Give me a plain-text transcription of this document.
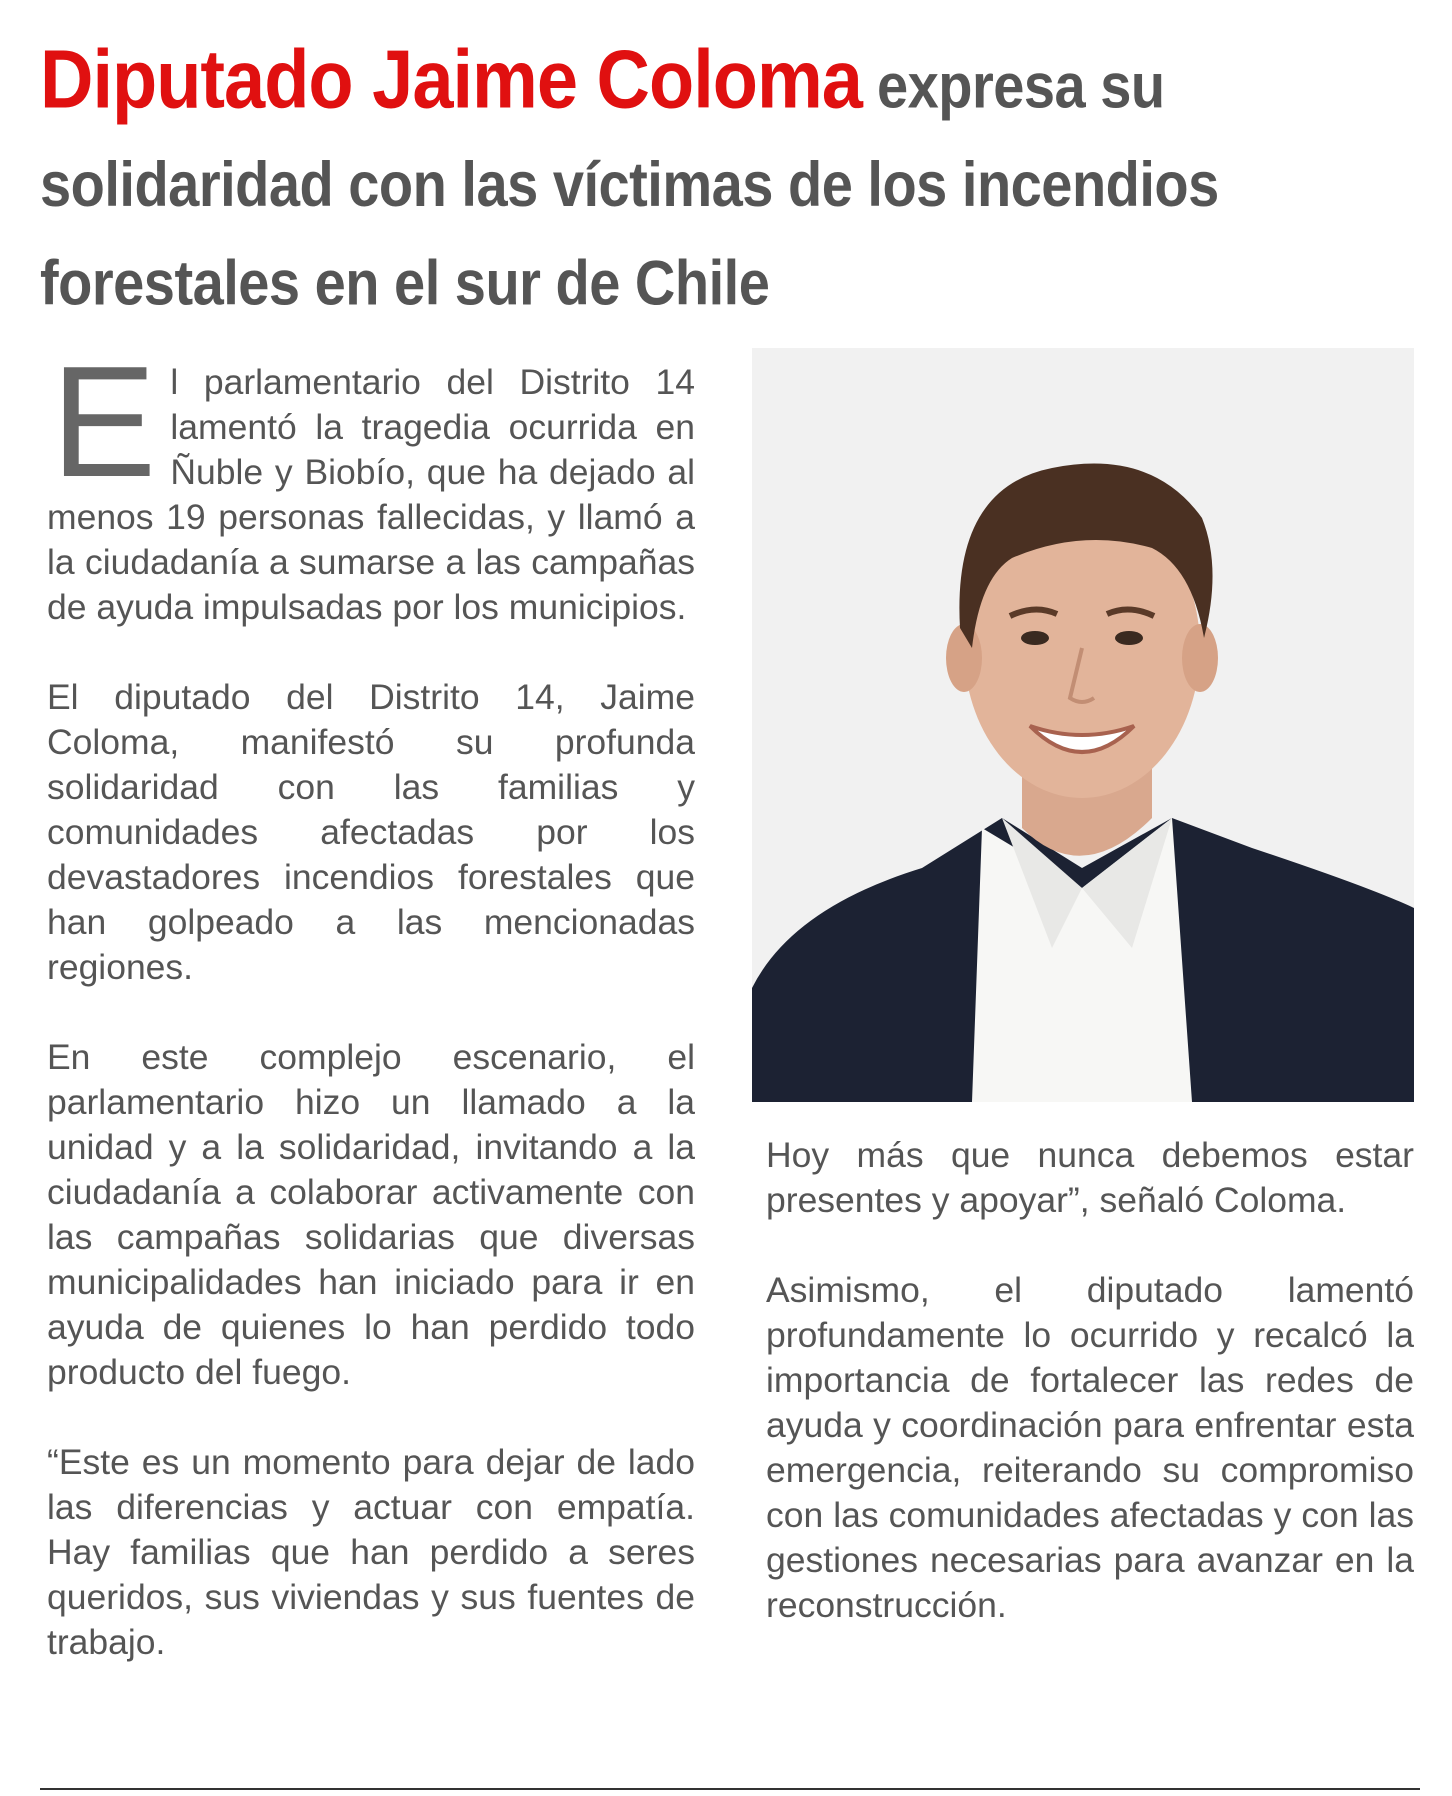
Diputado Jaime Coloma expresa su solidaridad con las víctimas de los incendios forestales en el sur de Chile

El parlamentario del Distrito 14 lamentó la tragedia ocurrida en Ñuble y Biobío, que ha dejado al menos 19 personas fallecidas, y llamó a la ciudadanía a sumarse a las campañas de ayuda impulsadas por los municipios.

El diputado del Distrito 14, Jaime Coloma, manifestó su profunda solidaridad con las familias y comunidades afectadas por los devastadores incendios forestales que han golpeado a las mencionadas regiones.

En este complejo escenario, el parlamentario hizo un llamado a la unidad y a la solidaridad, invitando a la ciudadanía a colaborar activamente con las campañas solidarias que diversas municipalidades han iniciado para ir en ayuda de quienes lo han perdido todo producto del fuego.

“Este es un momento para dejar de lado las diferencias y actuar con empatía. Hay familias que han perdido a seres queridos, sus viviendas y sus fuentes de trabajo.

Hoy más que nunca debemos estar presentes y apoyar”, señaló Coloma.

Asimismo, el diputado lamentó profundamente lo ocurrido y recalcó la importancia de fortalecer las redes de ayuda y coordinación para enfrentar esta emergencia, reiterando su compromiso con las comunidades afectadas y con las gestiones necesarias para avanzar en la reconstrucción.
